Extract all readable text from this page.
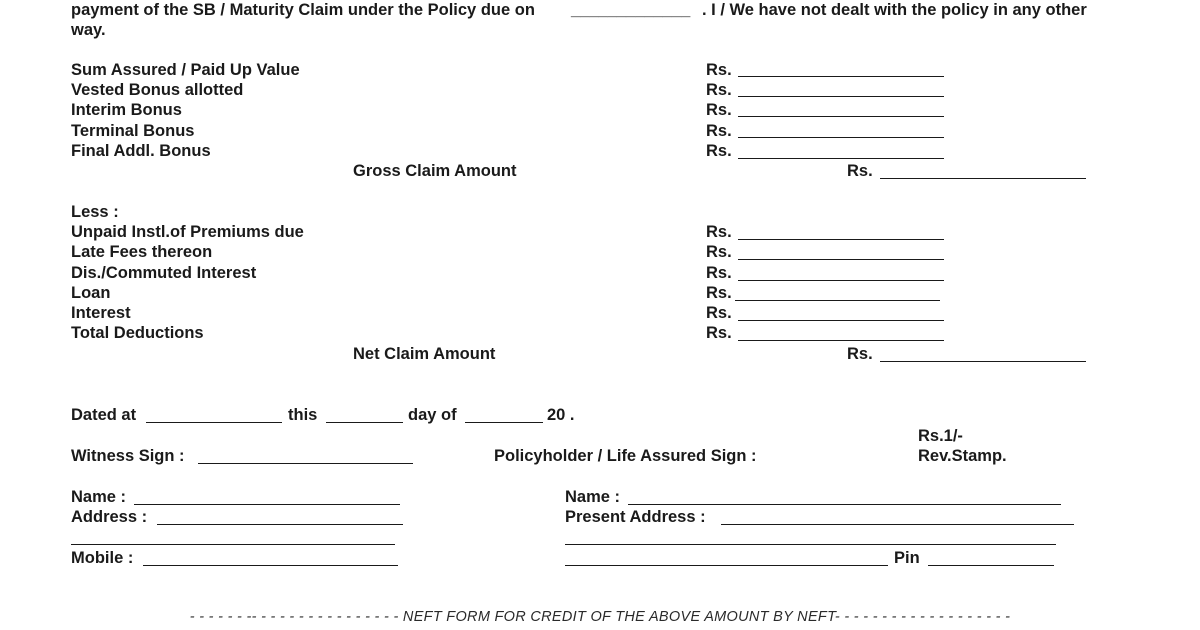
payment of the SB / Maturity Claim under the Policy due on _____________ . I / We have not dealt with the policy in any other
way.
Sum Assured / Paid Up Value	Rs.
Vested Bonus allotted	Rs.
Interim Bonus	Rs.
Terminal Bonus	Rs.
Final Addl. Bonus	Rs.
Gross Claim Amount	Rs.
Less :
Unpaid Instl.of Premiums due	Rs.
Late Fees thereon	Rs.
Dis./Commuted Interest	Rs.
Loan	Rs.
Interest	Rs.
Total Deductions	Rs.
Net Claim Amount	Rs.
Dated at	this	day of	20 .
Rs.1/-
Rev.Stamp.
Witness Sign :	Policyholder / Life Assured Sign :
Name :
Address :
Mobile :
Name :
Present Address :
Pin
- - - - - - -- - - - - - - - - - - - - - - - NEFT FORM FOR CREDIT OF THE ABOVE AMOUNT BY NEFT- - - - - - - - - - - - - - - - - - -
